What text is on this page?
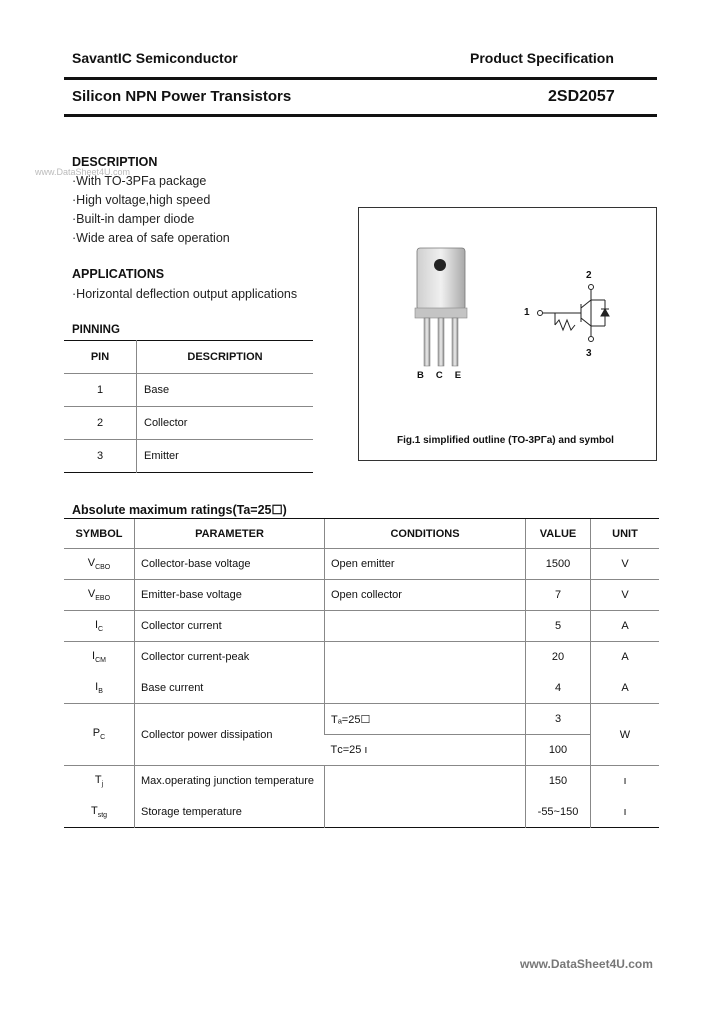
SavantIC Semiconductor	Product Specification
Silicon NPN Power Transistors	2SD2057
DESCRIPTION
www.DataSheet4U.com
·With TO-3PFa package
·High voltage,high speed
·Built-in damper diode
·Wide area of safe operation
APPLICATIONS
·Horizontal deflection output applications
PINNING
PIN	DESCRIPTION
1	Base
2	Collector
3	Emitter
BCE
1
2
3
Fig.1 simplified outline (TO-3PΓa) and symbol
Absolute maximum ratings(Ta=25☐)
SYMBOL	PARAMETER	CONDITIONS	VALUE	UNIT
$V_{CBO}$	Collector-base voltage	Open emitter	1500	V
$V_{EBO}$	Emitter-base voltage	Open collector	7	V
$I_C$	Collector current		5	A
$I_{CM}$	Collector current-peak		20	A
$I_B$	Base current		4	A
$P_C$	Collector power dissipation	Tₐ=25☐	3	W
		Tᴄ=25 ı	100	
$T_j$	Max.operating junction temperature		150	ı
$T_{stg}$	Storage temperature		-55~150	ı
www.DataSheet4U.com
